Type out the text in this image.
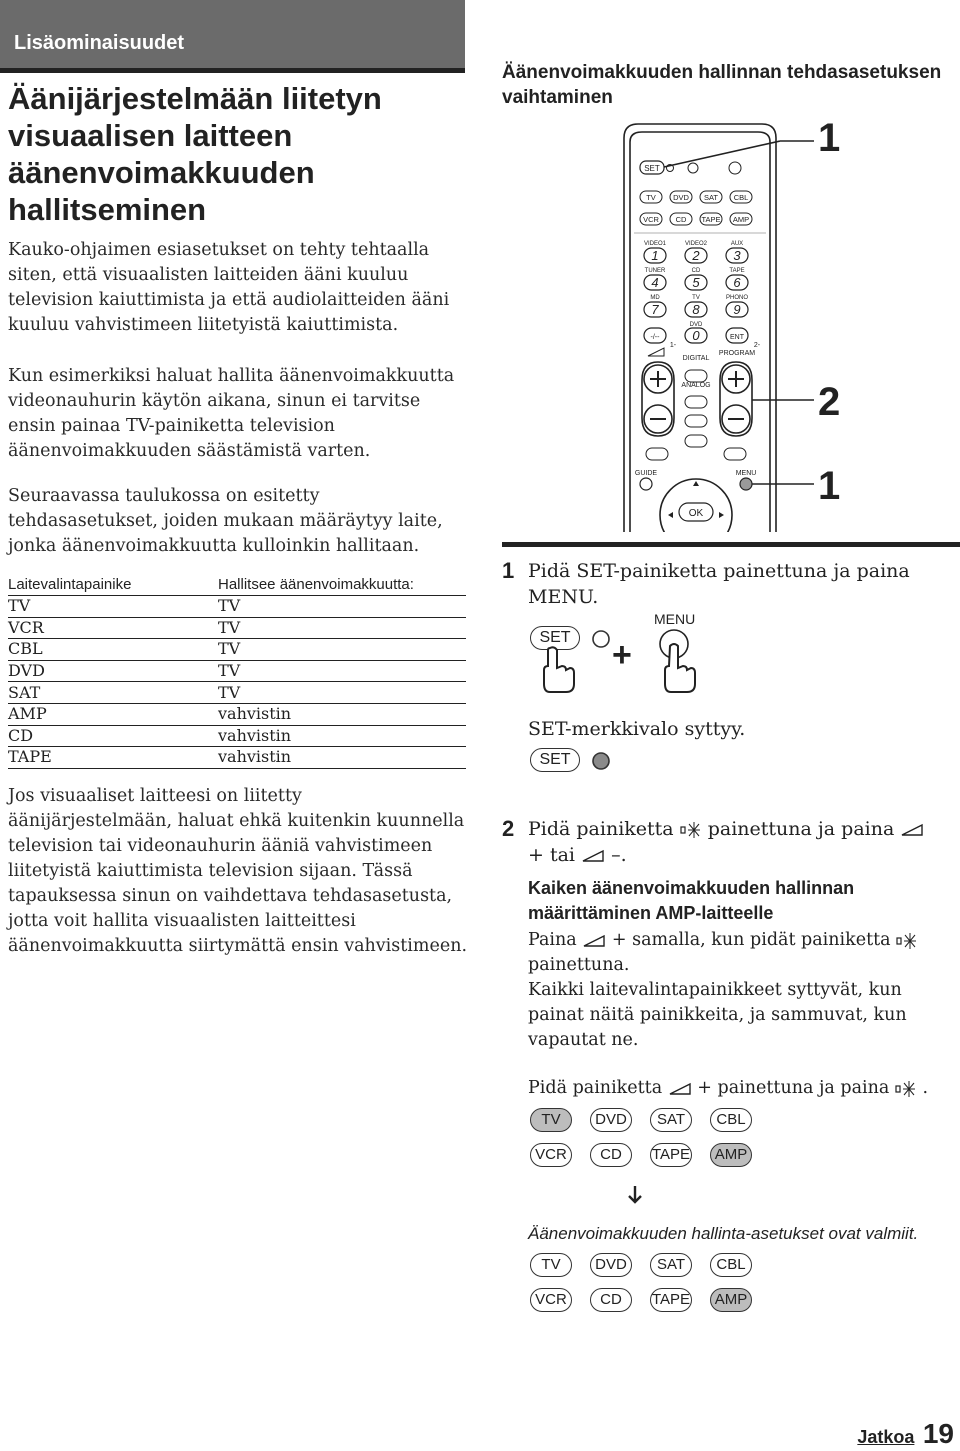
Lisäominaisuudet
Äänijärjestelmään liitetyn visuaalisen laitteen äänenvoimakkuuden hallitseminen

Kauko-ohjaimen esiasetukset on tehty tehtaalla siten, että visuaalisten laitteiden ääni kuuluu television kaiuttimista ja että audiolaitteiden ääni kuuluu vahvistimeen liitetyistä kaiuttimista.

Kun esimerkiksi haluat hallita äänenvoimakkuutta videonauhurin käytön aikana, sinun ei tarvitse ensin painaa TV-painiketta television äänenvoimakkuuden säästämistä varten.

Seuraavassa taulukossa on esitetty tehdasasetukset, joiden mukaan määräytyy laite, jonka äänenvoimakkuutta kulloinkin hallitaan.

Laitevalintapainike	Hallitsee äänenvoimakkuutta:
TV	TV
VCR	TV
CBL	TV
DVD	TV
SAT	TV
AMP	vahvistin
CD	vahvistin
TAPE	vahvistin

Jos visuaaliset laitteesi on liitetty äänijärjestelmään, haluat ehkä kuitenkin kuunnella television tai videonauhurin ääniä vahvistimeen liitetyistä kaiuttimista television sijaan. Tässä tapauksessa sinun on vaihdettava tehdasasetusta, jotta voit hallita visuaalisten laitteittesi äänenvoimakkuutta siirtymättä ensin vahvistimeen.

Äänenvoimakkuuden hallinnan tehdasasetuksen vaihtaminen
SET
TV DVD SAT CBL
VCR CD TAPE AMP
VIDEO1	VIDEO2	AUX
TUNER	CD	TAPE
MD	TV	PHONO
DVD
1	2	3
4	5	6
7	8	9
0
-/--	ENT
1-	2-
DIGITAL
PROGRAM
ANALOG
GUIDE	MENU
OK
1
2
1
1 Pidä SET-painiketta painettuna ja paina MENU.

SET +
MENU

SET-merkkivalo syttyy.

SET
2 Pidä painiketta painettuna ja paina
+ tai –.

Kaiken äänenvoimakkuuden hallinnan määrittäminen AMP-laitteelle

Paina + samalla, kun pidät painiketta  painettuna.

Kaikki laitevalintapainikkeet syttyvät, kun painat näitä painikkeita, ja sammuvat, kun vapautat ne.

Pidä painiketta + painettuna ja paina .

TV	DVD	SAT	CBL
VCR	CD	TAPE	AMP

Äänenvoimakkuuden hallinta-asetukset ovat valmiit.

TV	DVD	SAT	CBL
VCR	CD	TAPE	AMP
Jatkoa 19
